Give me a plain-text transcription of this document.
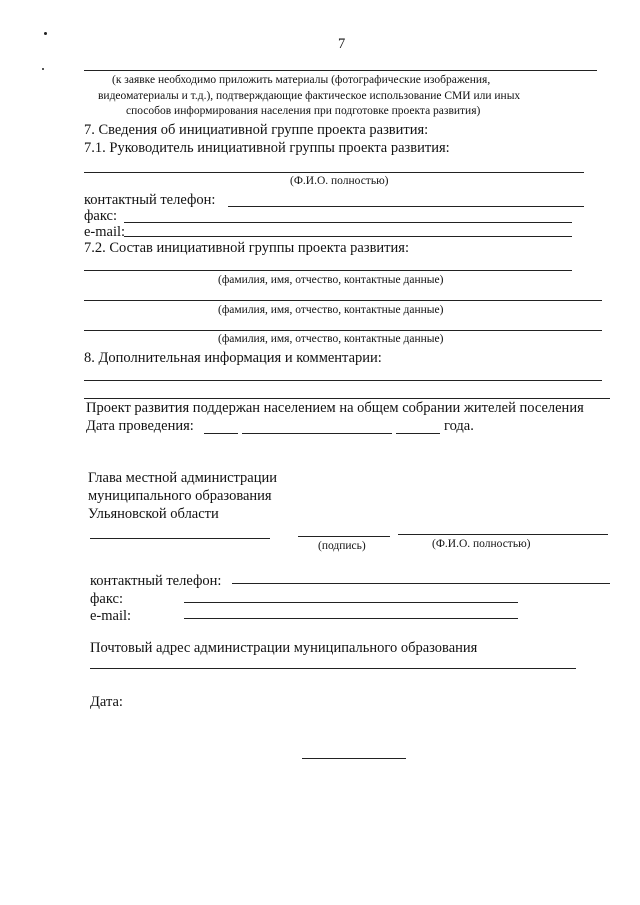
7
(к заявке необходимо приложить материалы (фотографические изображения,
видеоматериалы и т.д.), подтверждающие фактическое использование СМИ или иных
способов информирования населения при подготовке проекта развития)
7. Сведения об инициативной группе проекта развития:
7.1. Руководитель инициативной группы проекта развития:
(Ф.И.О. полностью)
контактный телефон:
факс:
e-mail:
7.2. Состав инициативной группы проекта развития:
(фамилия, имя, отчество, контактные данные)
(фамилия, имя, отчество, контактные данные)
(фамилия, имя, отчество, контактные данные)
8. Дополнительная информация и комментарии:
Проект развития поддержан населением на общем собрании жителей поселения
Дата проведения:	года.
Глава местной администрации
муниципального образования
Ульяновской области
(подпись)	(Ф.И.О. полностью)
контактный телефон:
факс:
e-mail:
Почтовый адрес администрации муниципального образования
Дата:
